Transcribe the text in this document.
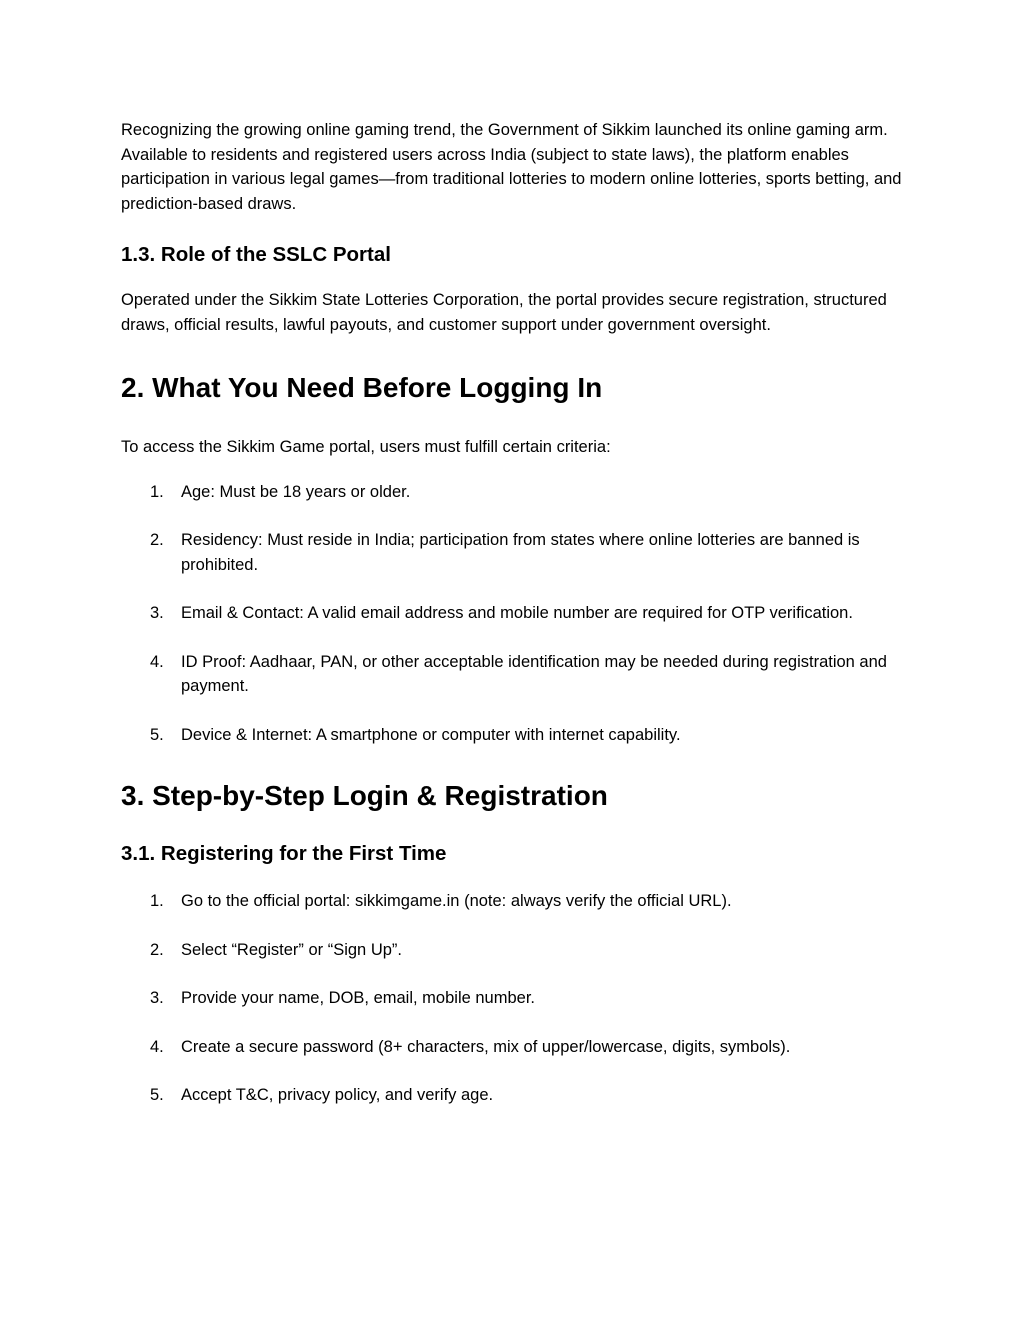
Recognizing the growing online gaming trend, the Government of Sikkim launched its online gaming arm. Available to residents and registered users across India (subject to state laws), the platform enables participation in various legal games—from traditional lotteries to modern online lotteries, sports betting, and prediction-based draws.

1.3. Role of the SSLC Portal

Operated under the Sikkim State Lotteries Corporation, the portal provides secure registration, structured draws, official results, lawful payouts, and customer support under government oversight.

2. What You Need Before Logging In

To access the Sikkim Game portal, users must fulfill certain criteria:

1. Age: Must be 18 years or older.
2. Residency: Must reside in India; participation from states where online lotteries are banned is prohibited.
3. Email & Contact: A valid email address and mobile number are required for OTP verification.
4. ID Proof: Aadhaar, PAN, or other acceptable identification may be needed during registration and payment.
5. Device & Internet: A smartphone or computer with internet capability.
3. Step‑by‑Step Login & Registration
3.1. Registering for the First Time
1. Go to the official portal: sikkimgame.in (note: always verify the official URL).
2. Select “Register” or “Sign Up”.
3. Provide your name, DOB, email, mobile number.
4. Create a secure password (8+ characters, mix of upper/lowercase, digits, symbols).
5. Accept T&C, privacy policy, and verify age.
